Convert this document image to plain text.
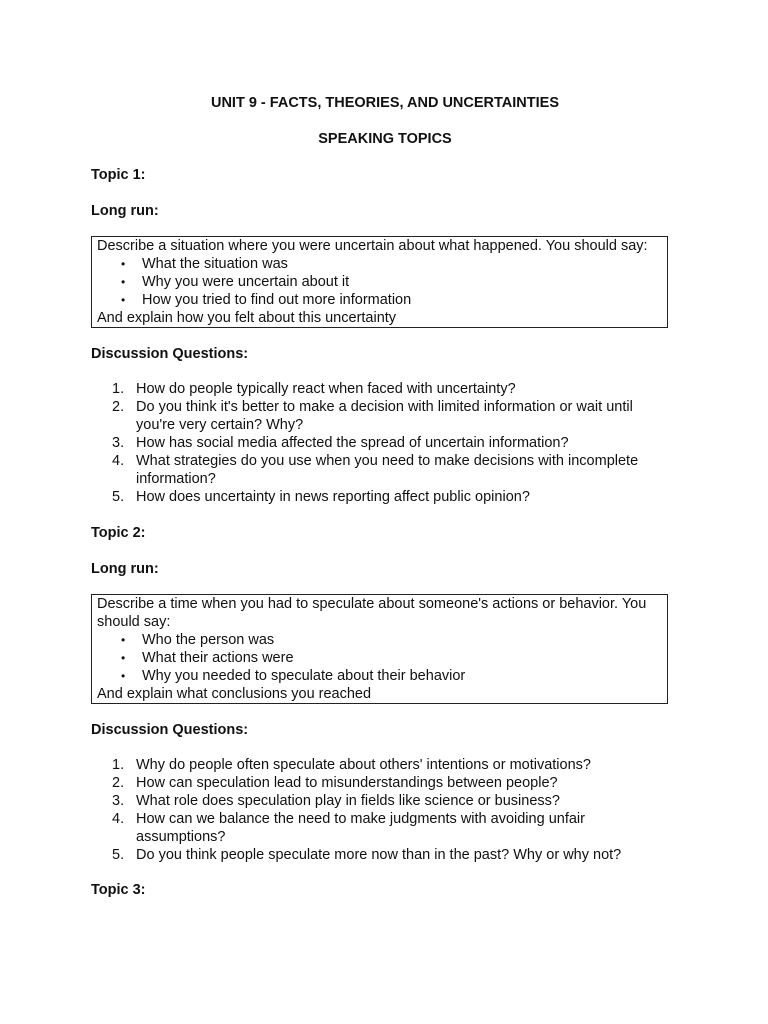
UNIT 9 - FACTS, THEORIES, AND UNCERTAINTIES
SPEAKING TOPICS
Topic 1:
Long run:
Describe a situation where you were uncertain about what happened. You should say:
• What the situation was
• Why you were uncertain about it
• How you tried to find out more information
And explain how you felt about this uncertainty
Discussion Questions:
1. How do people typically react when faced with uncertainty?
2. Do you think it's better to make a decision with limited information or wait until you're very certain? Why?
3. How has social media affected the spread of uncertain information?
4. What strategies do you use when you need to make decisions with incomplete information?
5. How does uncertainty in news reporting affect public opinion?
Topic 2:
Long run:
Describe a time when you had to speculate about someone's actions or behavior. You should say:
• Who the person was
• What their actions were
• Why you needed to speculate about their behavior
And explain what conclusions you reached
Discussion Questions:
1. Why do people often speculate about others' intentions or motivations?
2. How can speculation lead to misunderstandings between people?
3. What role does speculation play in fields like science or business?
4. How can we balance the need to make judgments with avoiding unfair assumptions?
5. Do you think people speculate more now than in the past? Why or why not?
Topic 3:
